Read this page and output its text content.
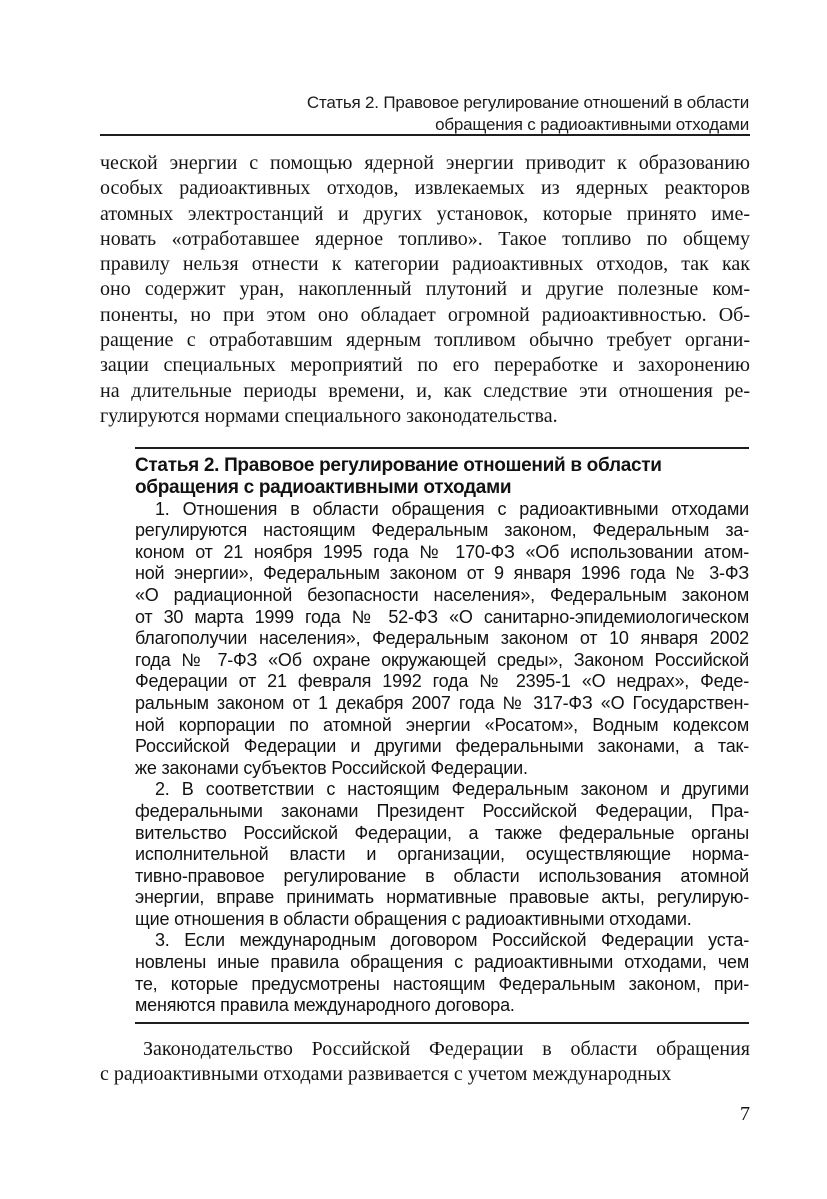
Статья 2. Правовое регулирование отношений в области
обращения с радиоактивными отходами
ческой энергии с помощью ядерной энергии приводит к образованию
особых радиоактивных отходов, извлекаемых из ядерных реакторов
атомных электростанций и других установок, которые принято име-
новать «отработавшее ядерное топливо». Такое топливо по общему
правилу нельзя отнести к категории радиоактивных отходов, так как
оно содержит уран, накопленный плутоний и другие полезные ком-
поненты, но при этом оно обладает огромной радиоактивностью. Об-
ращение с отработавшим ядерным топливом обычно требует органи-
зации специальных мероприятий по его переработке и захоронению
на длительные периоды времени, и, как следствие эти отношения ре-
гулируются нормами специального законодательства.
Статья 2. Правовое регулирование отношений в области
обращения с радиоактивными отходами
1. Отношения в области обращения с радиоактивными отходами
регулируются настоящим Федеральным законом, Федеральным за-
коном от 21 ноября 1995 года № 170-ФЗ «Об использовании атом-
ной энергии», Федеральным законом от 9 января 1996 года № 3-ФЗ
«О радиационной безопасности населения», Федеральным законом
от 30 марта 1999 года № 52-ФЗ «О санитарно-эпидемиологическом
благополучии населения», Федеральным законом от 10 января 2002
года № 7-ФЗ «Об охране окружающей среды», Законом Российской
Федерации от 21 февраля 1992 года № 2395-1 «О недрах», Феде-
ральным законом от 1 декабря 2007 года № 317-ФЗ «О Государствен-
ной корпорации по атомной энергии «Росатом», Водным кодексом
Российской Федерации и другими федеральными законами, а так-
же законами субъектов Российской Федерации.
2. В соответствии с настоящим Федеральным законом и другими
федеральными законами Президент Российской Федерации, Пра-
вительство Российской Федерации, а также федеральные органы
исполнительной власти и организации, осуществляющие норма-
тивно-правовое регулирование в области использования атомной
энергии, вправе принимать нормативные правовые акты, регулирую-
щие отношения в области обращения с радиоактивными отходами.
3. Если международным договором Российской Федерации уста-
новлены иные правила обращения с радиоактивными отходами, чем
те, которые предусмотрены настоящим Федеральным законом, при-
меняются правила международного договора.
Законодательство Российской Федерации в области обращения
с радиоактивными отходами развивается с учетом международных
7
